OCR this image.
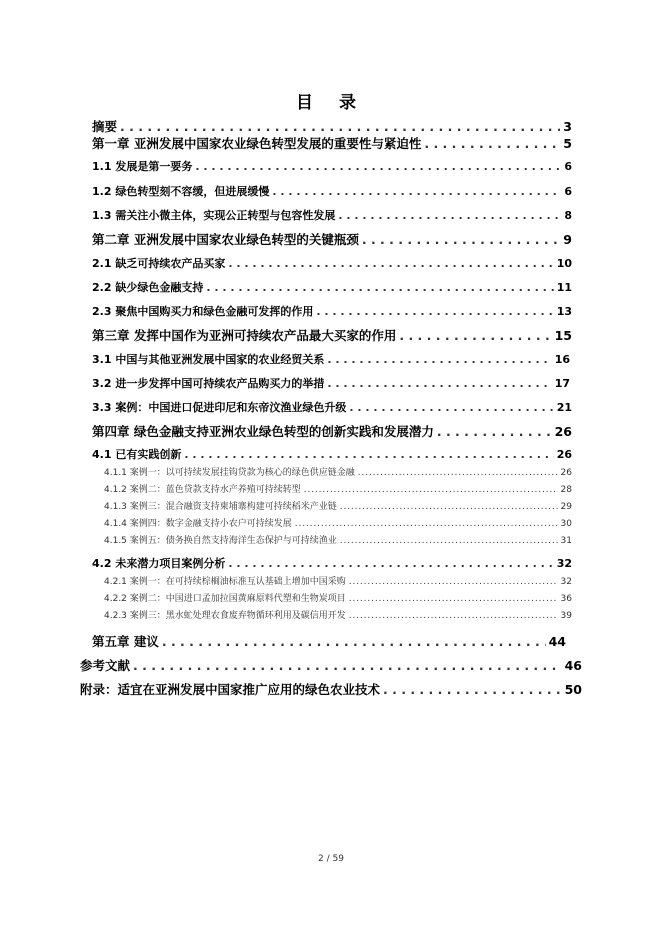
目 录
摘要 . . .	3
第一章 亚洲发展中国家农业绿色转型发展的重要性与紧迫性 . . .	5
1.1 发展是第一要务 . . .	6
1.2 绿色转型刻不容缓，但进展缓慢 . . .	6
1.3 需关注小微主体，实现公正转型与包容性发展 . . .	8
第二章 亚洲发展中国家农业绿色转型的关键瓶颈 . . .	9
2.1 缺乏可持续农产品买家 . . .	10
2.2 缺少绿色金融支持 . . .	11
2.3 聚焦中国购买力和绿色金融可发挥的作用 . . .	13
第三章 发挥中国作为亚洲可持续农产品最大买家的作用 . . .	15
3.1 中国与其他亚洲发展中国家的农业经贸关系 . . .	16
3.2 进一步发挥中国可持续农产品购买力的举措 . . .	17
3.3 案例：中国进口促进印尼和东帝汶渔业绿色升级 . . .	21
第四章 绿色金融支持亚洲农业绿色转型的创新实践和发展潜力 . . .	26
4.1 已有实践创新 . . .	26
4.1.1 案例一：以可持续发展挂钩贷款为核心的绿色供应链金融 . . .	26
4.1.2 案例二：蓝色贷款支持水产养殖可持续转型 . . .	28
4.1.3 案例三：混合融资支持柬埔寨构建可持续稻米产业链 . . .	29
4.1.4 案例四：数字金融支持小农户可持续发展 . . .	30
4.1.5 案例五：债务换自然支持海洋生态保护与可持续渔业 . . .	31
4.2 未来潜力项目案例分析 . . .	32
4.2.1 案例一：在可持续棕榈油标准互认基础上增加中国采购 . . .	32
4.2.2 案例二：中国进口孟加拉国黄麻原料代塑和生物炭项目 . . .	36
4.2.3 案例三：黑水虻处理农食废弃物循环利用及碳信用开发 . . .	39
第五章 建议 . . .	44
参考文献 . . .	46
附录：适宜在亚洲发展中国家推广应用的绿色农业技术 . . .	50
2 / 59
